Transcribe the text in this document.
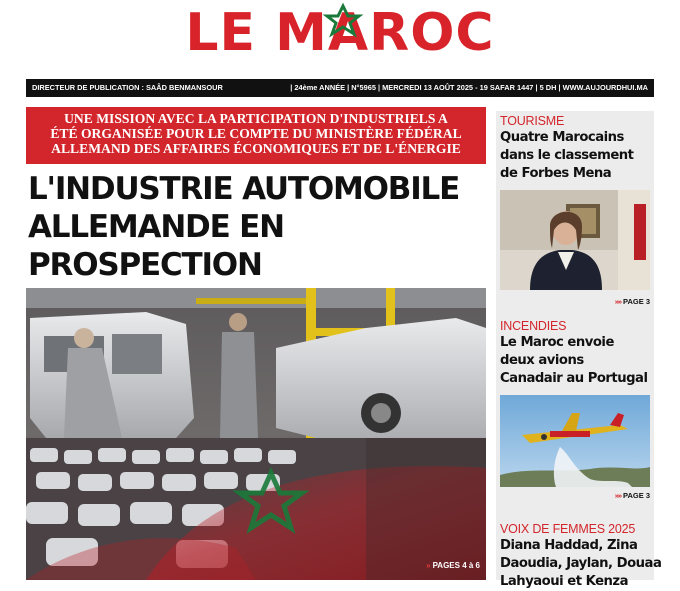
LE MAROC
DIRECTEUR DE PUBLICATION : SAÂD BENMANSOUR	| 24ème ANNÉE | N°5965 | MERCREDI 13 AOÛT 2025 - 19 SAFAR 1447 | 5 DH | WWW.AUJOURDHUI.MA
UNE MISSION AVEC LA PARTICIPATION D'INDUSTRIELS A
ÉTÉ ORGANISÉE POUR LE COMPTE DU MINISTÈRE FÉDÉRAL
ALLEMAND DES AFFAIRES ÉCONOMIQUES ET DE L'ÉNERGIE
L'INDUSTRIE AUTOMOBILE
ALLEMANDE EN PROSPECTION
» PAGES 4 à 6
TOURISME
Quatre Marocains
dans le classement
de Forbes Mena
»» PAGE 3
INCENDIES
Le Maroc envoie
deux avions
Canadair au Portugal
»» PAGE 3
VOIX DE FEMMES 2025
Diana Haddad, Zina
Daoudia, Jaylan, Douaa
Lahyaoui et Kenza
